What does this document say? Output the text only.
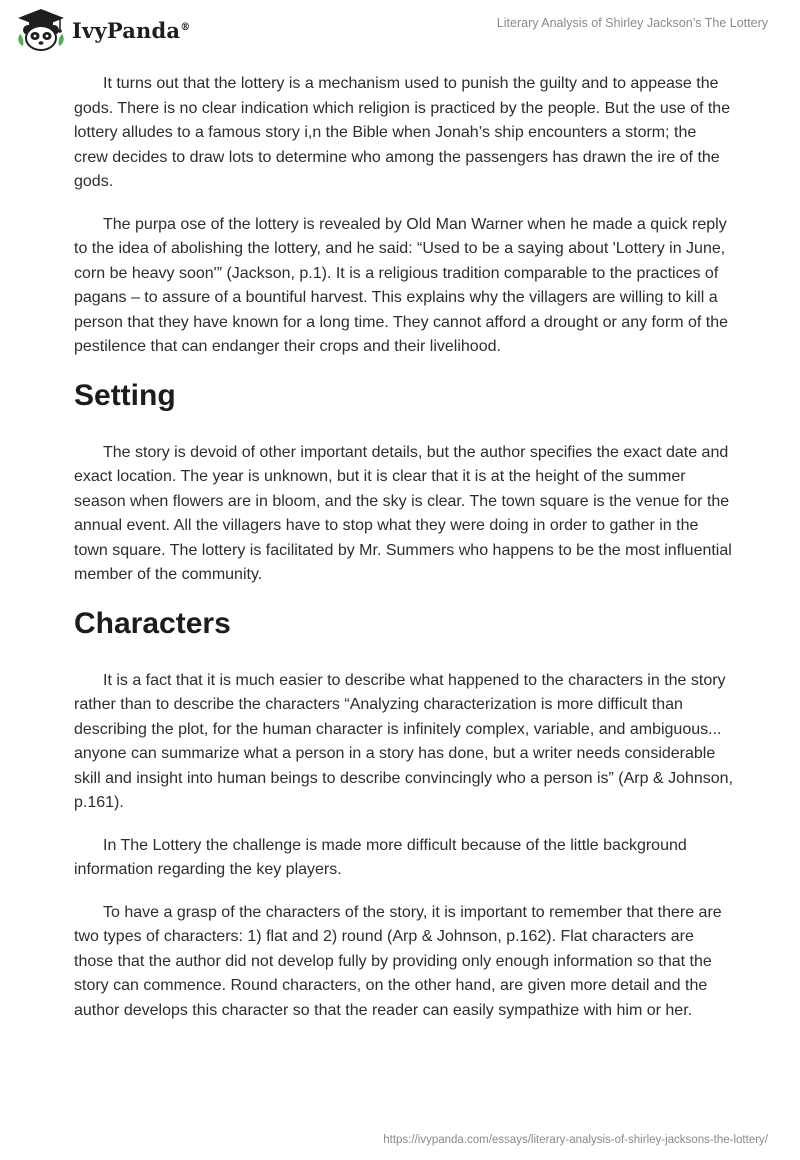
IvyPanda®	Literary Analysis of Shirley Jackson’s The Lottery

It turns out that the lottery is a mechanism used to punish the guilty and to appease the gods. There is no clear indication which religion is practiced by the people. But the use of the lottery alludes to a famous story i,n the Bible when Jonah’s ship encounters a storm; the crew decides to draw lots to determine who among the passengers has drawn the ire of the gods.

The purpa ose of the lottery is revealed by Old Man Warner when he made a quick reply to the idea of abolishing the lottery, and he said: “Used to be a saying about 'Lottery in June, corn be heavy soon'” (Jackson, p.1). It is a religious tradition comparable to the practices of pagans – to assure of a bountiful harvest. This explains why the villagers are willing to kill a person that they have known for a long time. They cannot afford a drought or any form of the pestilence that can endanger their crops and their livelihood.

Setting

The story is devoid of other important details, but the author specifies the exact date and exact location. The year is unknown, but it is clear that it is at the height of the summer season when flowers are in bloom, and the sky is clear. The town square is the venue for the annual event. All the villagers have to stop what they were doing in order to gather in the town square. The lottery is facilitated by Mr. Summers who happens to be the most influential member of the community.

Characters

It is a fact that it is much easier to describe what happened to the characters in the story rather than to describe the characters “Analyzing characterization is more difficult than describing the plot, for the human character is infinitely complex, variable, and ambiguous... anyone can summarize what a person in a story has done, but a writer needs considerable skill and insight into human beings to describe convincingly who a person is” (Arp & Johnson, p.161).

In The Lottery the challenge is made more difficult because of the little background information regarding the key players.

To have a grasp of the characters of the story, it is important to remember that there are two types of characters: 1) flat and 2) round (Arp & Johnson, p.162). Flat characters are those that the author did not develop fully by providing only enough information so that the story can commence. Round characters, on the other hand, are given more detail and the author develops this character so that the reader can easily sympathize with him or her.

https://ivypanda.com/essays/literary-analysis-of-shirley-jacksons-the-lottery/
